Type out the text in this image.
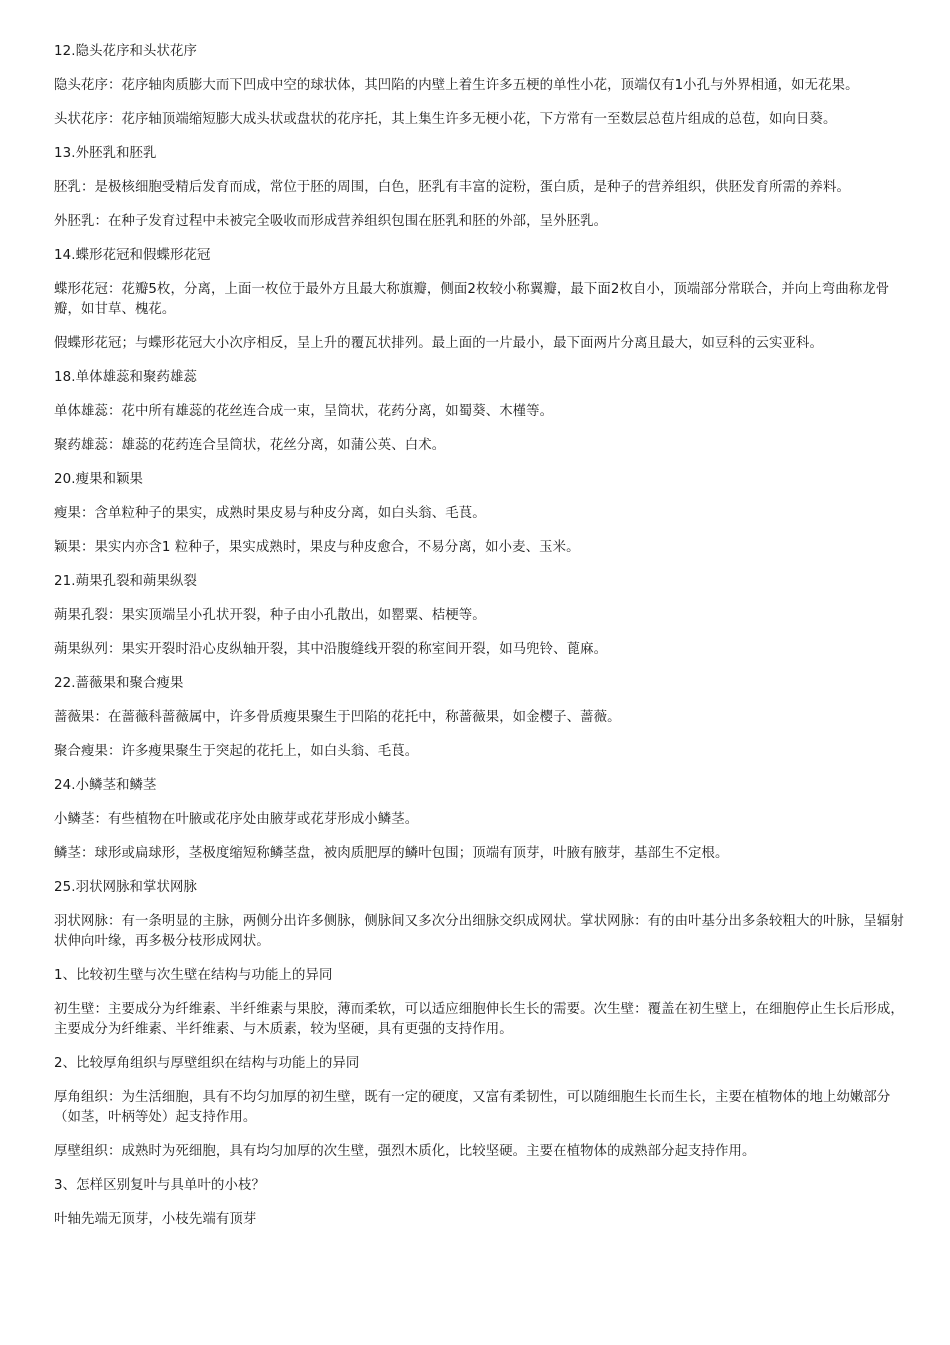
12.隐头花序和头状花序

隐头花序：花序轴肉质膨大而下凹成中空的球状体，其凹陷的内壁上着生许多五梗的单性小花，顶端仅有1小孔与外界相通，如无花果。

头状花序：花序轴顶端缩短膨大成头状或盘状的花序托，其上集生许多无梗小花，下方常有一至数层总苞片组成的总苞，如向日葵。

13.外胚乳和胚乳

胚乳：是极核细胞受精后发育而成，常位于胚的周围，白色，胚乳有丰富的淀粉，蛋白质，是种子的营养组织，供胚发育所需的养料。

外胚乳：在种子发育过程中未被完全吸收而形成营养组织包围在胚乳和胚的外部，呈外胚乳。

14.蝶形花冠和假蝶形花冠

蝶形花冠：花瓣5枚，分离，上面一枚位于最外方且最大称旗瓣，侧面2枚较小称翼瓣，最下面2枚自小，顶端部分常联合，并向上弯曲称龙骨瓣，如甘草、槐花。

假蝶形花冠；与蝶形花冠大小次序相反，呈上升的覆瓦状排列。最上面的一片最小，最下面两片分离且最大，如豆科的云实亚科。

18.单体雄蕊和聚药雄蕊

单体雄蕊：花中所有雄蕊的花丝连合成一束，呈筒状，花药分离，如蜀葵、木槿等。

聚药雄蕊：雄蕊的花药连合呈筒状，花丝分离，如蒲公英、白术。

20.瘦果和颖果

瘦果：含单粒种子的果实，成熟时果皮易与种皮分离，如白头翁、毛茛。

颖果：果实内亦含1 粒种子，果实成熟时，果皮与种皮愈合，不易分离，如小麦、玉米。

21.蒴果孔裂和蒴果纵裂

蒴果孔裂：果实顶端呈小孔状开裂，种子由小孔散出，如罂粟、桔梗等。

蒴果纵列：果实开裂时沿心皮纵轴开裂，其中沿腹缝线开裂的称室间开裂，如马兜铃、蓖麻。

22.蔷薇果和聚合瘦果

蔷薇果：在蔷薇科蔷薇属中，许多骨质瘦果聚生于凹陷的花托中，称蔷薇果，如金樱子、蔷薇。

聚合瘦果：许多瘦果聚生于突起的花托上，如白头翁、毛茛。

24.小鳞茎和鳞茎

小鳞茎：有些植物在叶腋或花序处由腋芽或花芽形成小鳞茎。

鳞茎：球形或扁球形，茎极度缩短称鳞茎盘，被肉质肥厚的鳞叶包围；顶端有顶芽，叶腋有腋芽，基部生不定根。

25.羽状网脉和掌状网脉

羽状网脉：有一条明显的主脉，两侧分出许多侧脉，侧脉间又多次分出细脉交织成网状。掌状网脉：有的由叶基分出多条较粗大的叶脉，呈辐射状伸向叶缘，再多极分枝形成网状。

1、比较初生壁与次生壁在结构与功能上的异同

初生壁：主要成分为纤维素、半纤维素与果胶，薄而柔软，可以适应细胞伸长生长的需要。次生壁：覆盖在初生壁上，在细胞停止生长后形成，主要成分为纤维素、半纤维素、与木质素，较为坚硬，具有更强的支持作用。

2、比较厚角组织与厚壁组织在结构与功能上的异同

厚角组织：为生活细胞，具有不均匀加厚的初生壁，既有一定的硬度，又富有柔韧性，可以随细胞生长而生长，主要在植物体的地上幼嫩部分（如茎，叶柄等处）起支持作用。

厚壁组织：成熟时为死细胞，具有均匀加厚的次生壁，强烈木质化，比较坚硬。主要在植物体的成熟部分起支持作用。

3、怎样区别复叶与具单叶的小枝？

叶轴先端无顶芽，小枝先端有顶芽
